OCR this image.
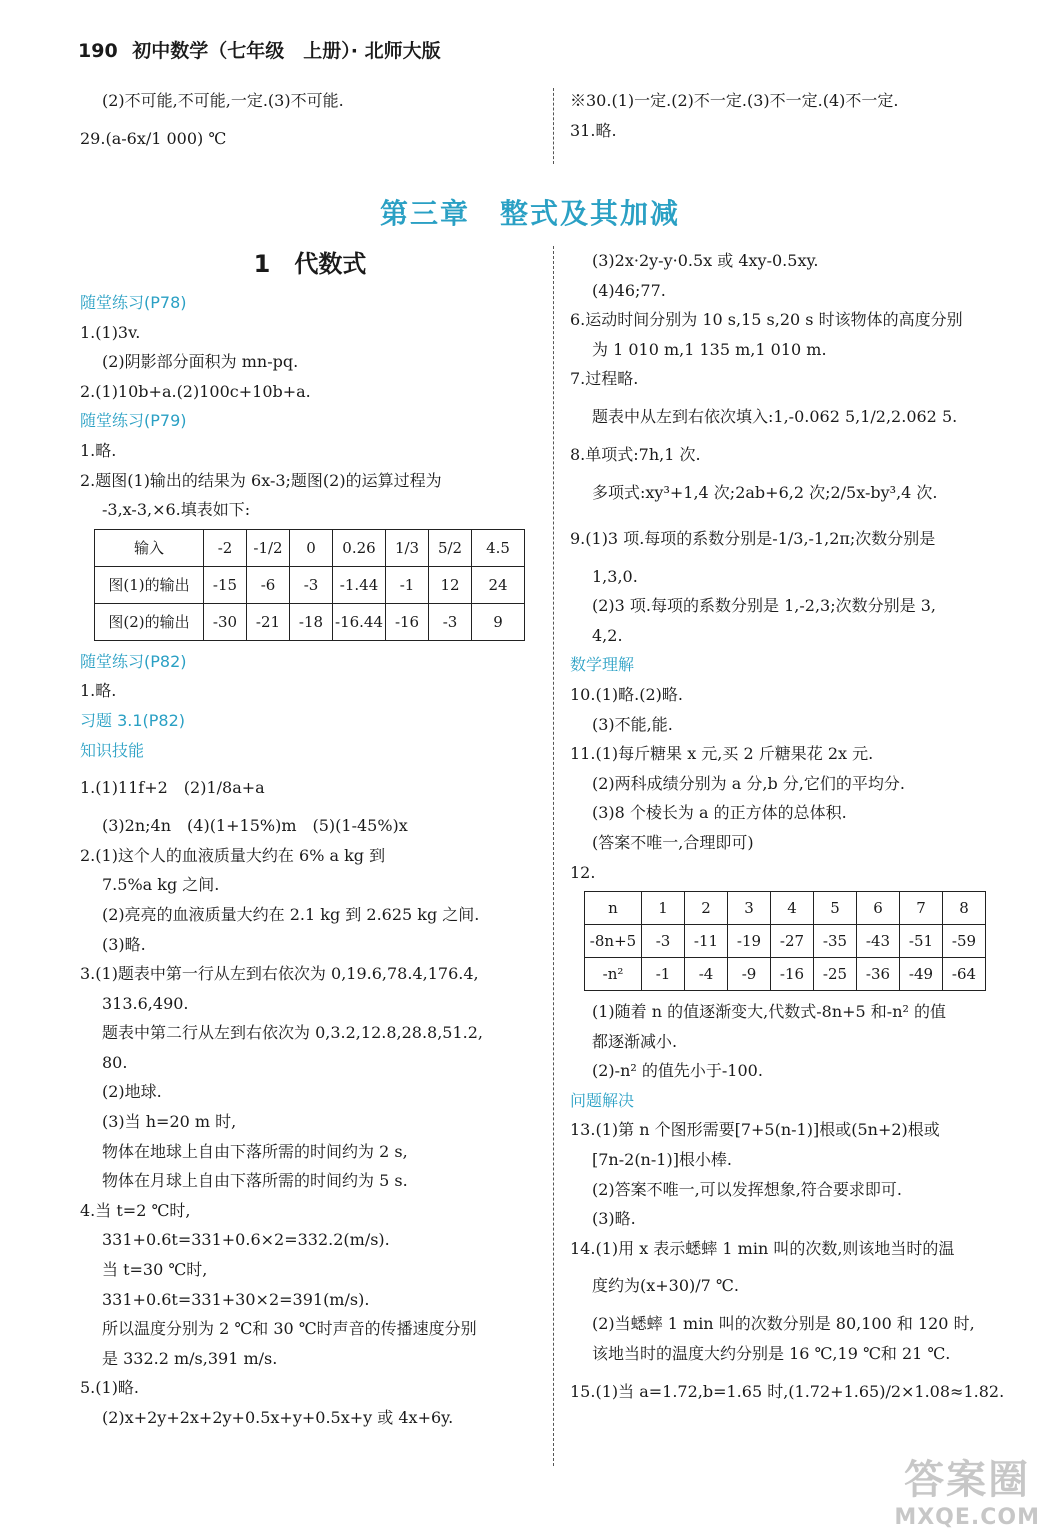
190 初中数学（七年级　上册）· 北师大版
(2)不可能,不可能,一定.(3)不可能.
29.(a-6x/1 000) ℃
※30.(1)一定.(2)不一定.(3)不一定.(4)不一定.
31.略.
第三章　整式及其加减
1　代数式
随堂练习(P78)
1.(1)3v.
(2)阴影部分面积为 mn-pq.
2.(1)10b+a.(2)100c+10b+a.
随堂练习(P79)
1.略.
2.题图(1)输出的结果为 6x-3;题图(2)的运算过程为
-3,x-3,×6.填表如下:
输入	-2	-1/2	0	0.26	1/3	5/2	4.5
图(1)的输出	-15	-6	-3	-1.44	-1	12	24
图(2)的输出	-30	-21	-18	-16.44	-16	-3	9
随堂练习(P82)
1.略.
习题 3.1(P82)
知识技能
1.(1)11f+2　(2)1/8a+a
(3)2n;4n　(4)(1+15%)m　(5)(1-45%)x
2.(1)这个人的血液质量大约在 6% a kg 到
7.5%a kg 之间.
(2)亮亮的血液质量大约在 2.1 kg 到 2.625 kg 之间.
(3)略.
3.(1)题表中第一行从左到右依次为 0,19.6,78.4,176.4,
313.6,490.
题表中第二行从左到右依次为 0,3.2,12.8,28.8,51.2,
80.
(2)地球.
(3)当 h=20 m 时,
物体在地球上自由下落所需的时间约为 2 s,
物体在月球上自由下落所需的时间约为 5 s.
4.当 t=2 ℃时,
331+0.6t=331+0.6×2=332.2(m/s).
当 t=30 ℃时,
331+0.6t=331+30×2=391(m/s).
所以温度分别为 2 ℃和 30 ℃时声音的传播速度分别
是 332.2 m/s,391 m/s.
5.(1)略.
(2)x+2y+2x+2y+0.5x+y+0.5x+y 或 4x+6y.
(3)2x·2y-y·0.5x 或 4xy-0.5xy.
(4)46;77.
6.运动时间分别为 10 s,15 s,20 s 时该物体的高度分别
为 1 010 m,1 135 m,1 010 m.
7.过程略.
题表中从左到右依次填入:1,-0.062 5,1/2,2.062 5.
8.单项式:7h,1 次.
多项式:xy³+1,4 次;2ab+6,2 次;2/5x-by³,4 次.
9.(1)3 项.每项的系数分别是-1/3,-1,2π;次数分别是
1,3,0.
(2)3 项.每项的系数分别是 1,-2,3;次数分别是 3,
4,2.
数学理解
10.(1)略.(2)略.
(3)不能,能.
11.(1)每斤糖果 x 元,买 2 斤糖果花 2x 元.
(2)两科成绩分别为 a 分,b 分,它们的平均分.
(3)8 个棱长为 a 的正方体的总体积.
(答案不唯一,合理即可)
12.
n	1	2	3	4	5	6	7	8
-8n+5	-3	-11	-19	-27	-35	-43	-51	-59
-n²	-1	-4	-9	-16	-25	-36	-49	-64
(1)随着 n 的值逐渐变大,代数式-8n+5 和-n² 的值
都逐渐减小.
(2)-n² 的值先小于-100.
问题解决
13.(1)第 n 个图形需要[7+5(n-1)]根或(5n+2)根或
[7n-2(n-1)]根小棒.
(2)答案不唯一,可以发挥想象,符合要求即可.
(3)略.
14.(1)用 x 表示蟋蟀 1 min 叫的次数,则该地当时的温
度约为(x+30)/7 ℃.
(2)当蟋蟀 1 min 叫的次数分别是 80,100 和 120 时,
该地当时的温度大约分别是 16 ℃,19 ℃和 21 ℃.
15.(1)当 a=1.72,b=1.65 时,(1.72+1.65)/2×1.08≈1.82.
答案圈
MXQE.COM
